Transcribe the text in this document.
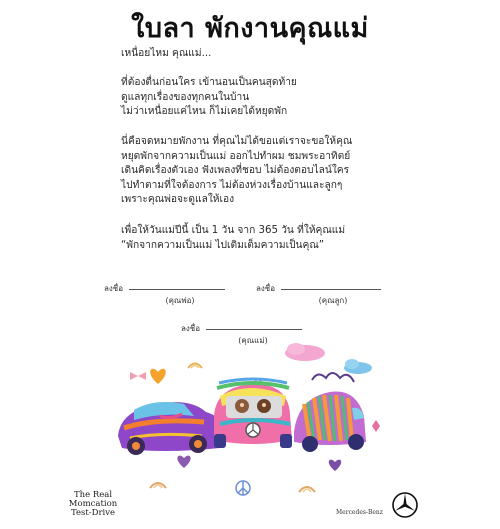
ใบลา พักงานคุณแม่

เหนื่อยไหม คุณแม่...

ที่ต้องตื่นก่อนใคร เข้านอนเป็นคนสุดท้าย
ดูแลทุกเรื่องของทุกคนในบ้าน
ไม่ว่าเหนื่อยแค่ไหน ก็ไม่เคยได้หยุดพัก
นี่คือจดหมายพักงาน ที่คุณไม่ได้ขอแต่เราจะขอให้คุณ
หยุดพักจากความเป็นแม่ ออกไปทำผม ชมพระอาทิตย์
เดินคิดเรื่องตัวเอง ฟังเพลงที่ชอบ ไม่ต้องตอบไลน์ใคร
ไปทำตามที่ใจต้องการ ไม่ต้องห่วงเรื่องบ้านและลูกๆ
เพราะคุณพ่อจะดูแลให้เอง
เพื่อให้วันแม่ปีนี้ เป็น 1 วัน จาก 365 วัน ที่ให้คุณแม่
“พักจากความเป็นแม่ ไปเติมเต็มความเป็นคุณ”
ลงชื่อ
(คุณพ่อ)
ลงชื่อ
(คุณลูก)
ลงชื่อ
(คุณแม่)
The Real
Momcation
Test-Drive	Mercedes-Benz
